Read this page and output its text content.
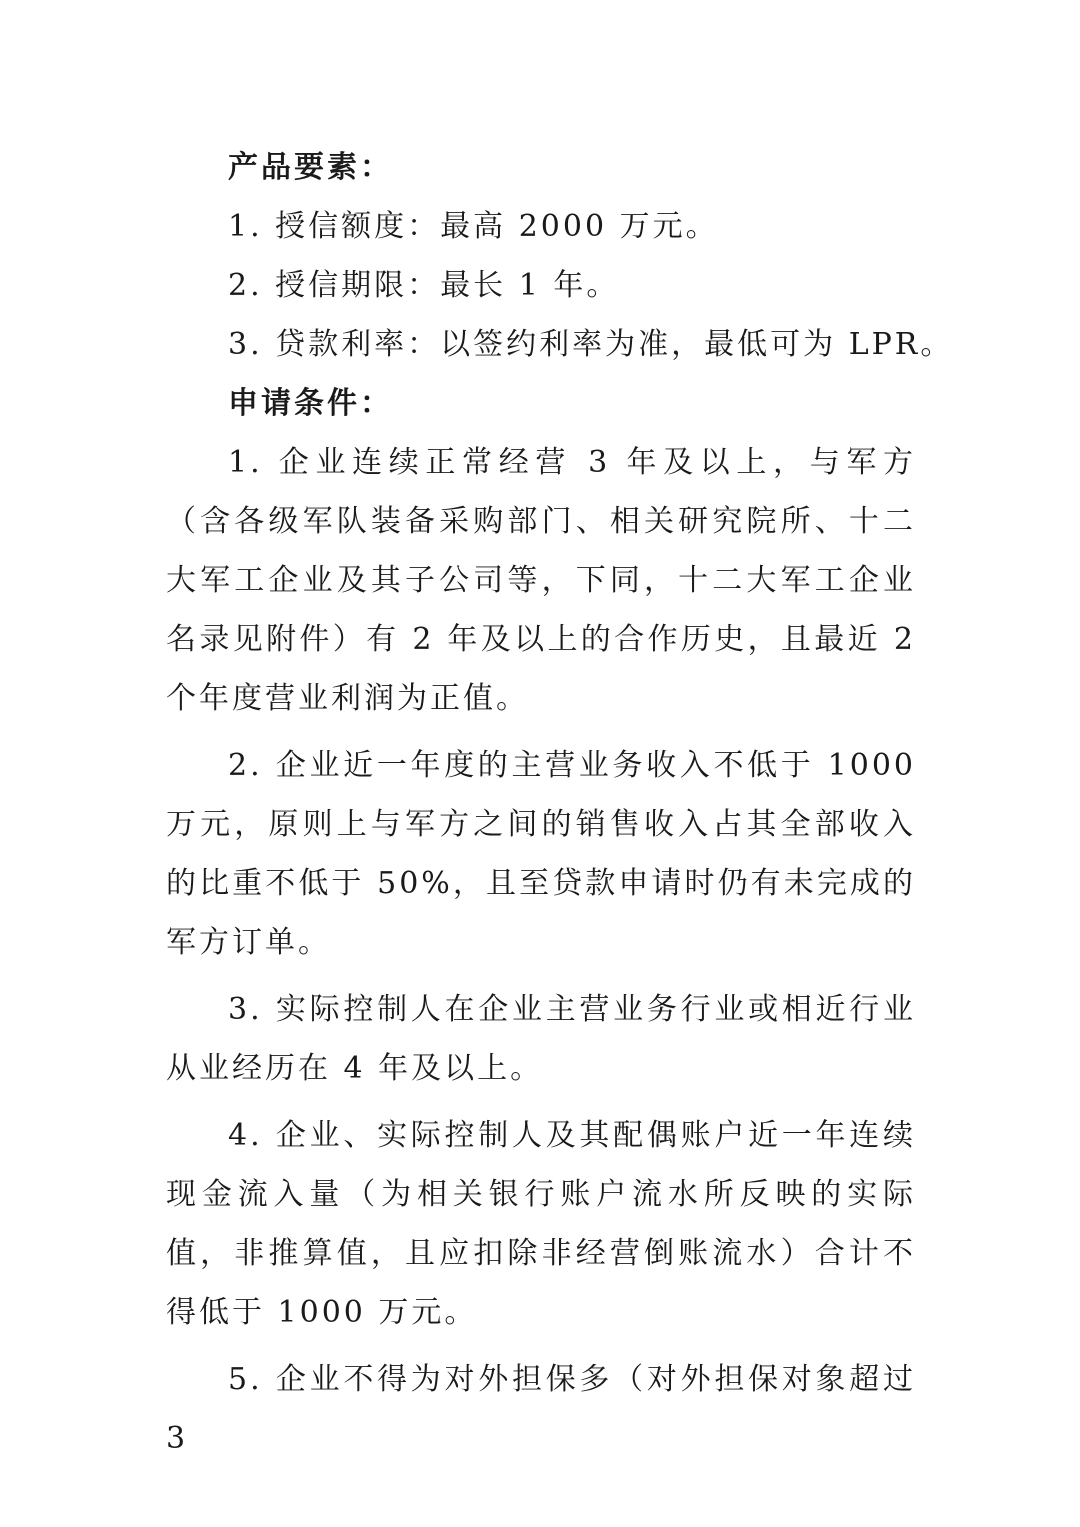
产品要素：
1. 授信额度：最高 2000 万元。
2. 授信期限：最长 1 年。
3. 贷款利率：以签约利率为准，最低可为 LPR。
申请条件：

1. 企业连续正常经营 3 年及以上，与军方（含各级军队装备采购部门、相关研究院所、十二大军工企业及其子公司等，下同，十二大军工企业名录见附件）有 2 年及以上的合作历史，且最近 2 个年度营业利润为正值。

2. 企业近一年度的主营业务收入不低于 1000 万元，原则上与军方之间的销售收入占其全部收入的比重不低于 50%，且至贷款申请时仍有未完成的军方订单。

3. 实际控制人在企业主营业务行业或相近行业从业经历在 4 年及以上。

4. 企业、实际控制人及其配偶账户近一年连续现金流入量（为相关银行账户流水所反映的实际值，非推算值，且应扣除非经营倒账流水）合计不得低于 1000 万元。

5. 企业不得为对外担保多（对外担保对象超过 3
